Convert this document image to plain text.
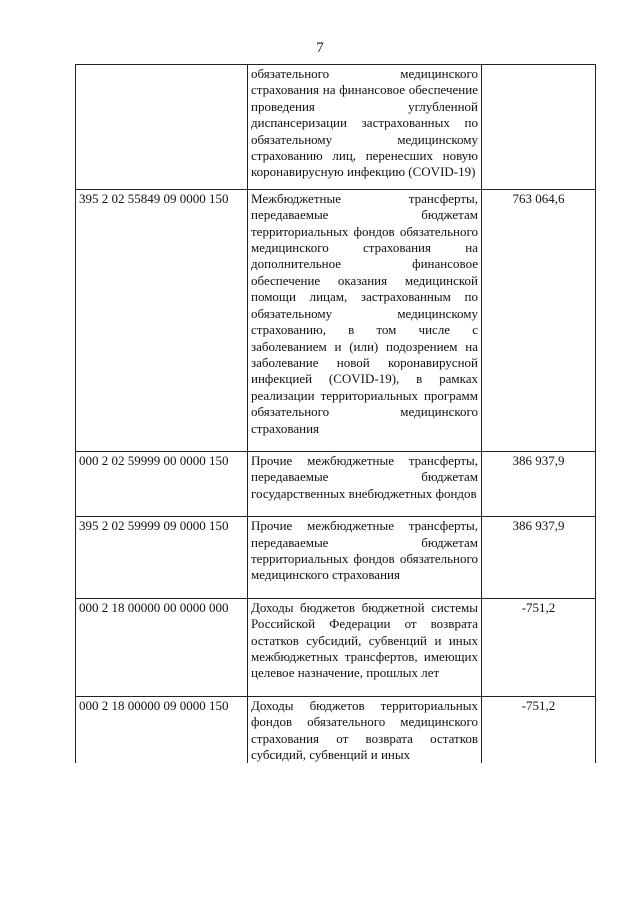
7
	обязательного медицинского страхования на финансовое обеспечение проведения углубленной диспансеризации застрахованных по обязательному медицинскому страхованию лиц, перенесших новую коронавирусную инфекцию (COVID-19)	
395 2 02 55849 09 0000 150	Межбюджетные трансферты, передаваемые бюджетам территориальных фондов обязательного медицинского страхования на дополнительное финансовое обеспечение оказания медицинской помощи лицам, застрахованным по обязательному медицинскому страхованию, в том числе с заболеванием и (или) подозрением на заболевание новой коронавирусной инфекцией (COVID-19), в рамках реализации территориальных программ обязательного медицинского страхования	763 064,6
000 2 02 59999 00 0000 150	Прочие межбюджетные трансферты, передаваемые бюджетам государственных внебюджетных фондов	386 937,9
395 2 02 59999 09 0000 150	Прочие межбюджетные трансферты, передаваемые бюджетам территориальных фондов обязательного медицинского страхования	386 937,9
000 2 18 00000 00 0000 000	Доходы бюджетов бюджетной системы Российской Федерации от возврата остатков субсидий, субвенций и иных межбюджетных трансфертов, имеющих целевое назначение, прошлых лет	-751,2
000 2 18 00000 09 0000 150	Доходы бюджетов территориальных фондов обязательного медицинского страхования от возврата остатков субсидий, субвенций и иных	-751,2
